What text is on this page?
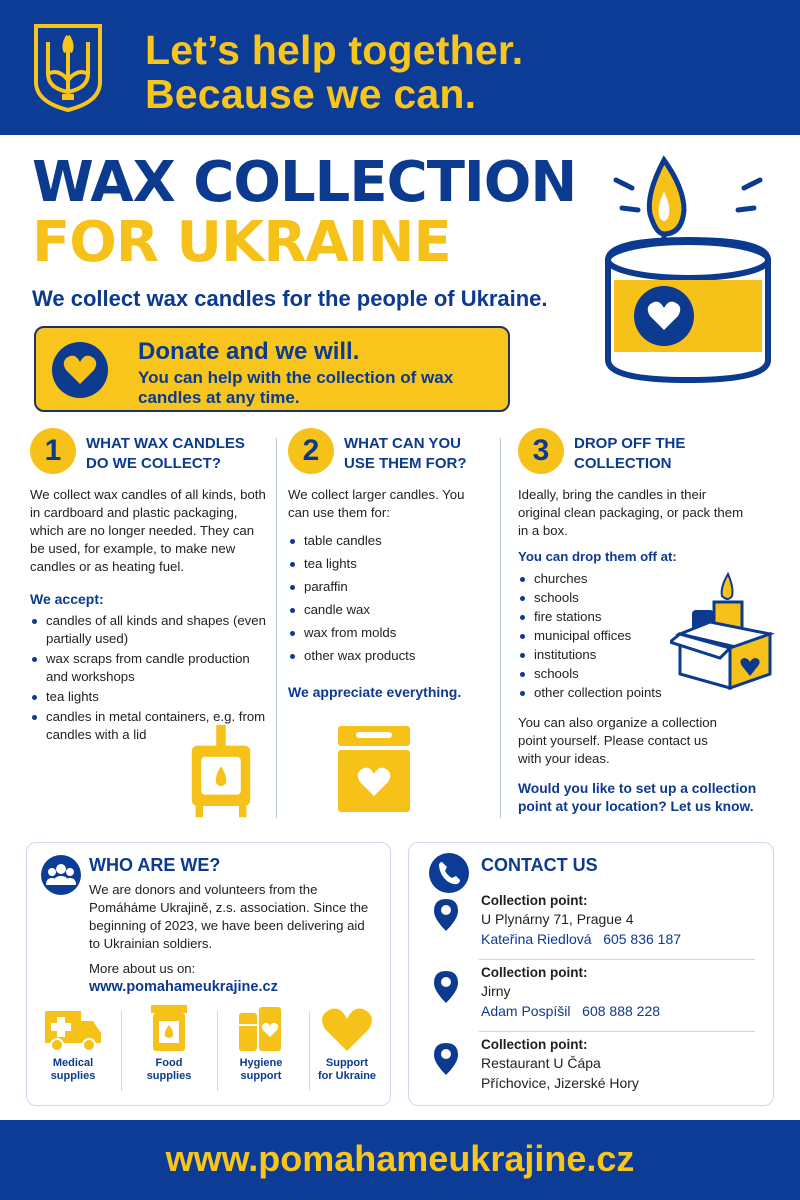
Let’s help together.
Because we can.
WAX COLLECTION
FOR UKRAINE
We collect wax candles for the people of Ukraine.
Donate and we will.
You can help with the collection of wax candles at any time.
1	WHAT WAX CANDLES
DO WE COLLECT?

We collect wax candles of all kinds, both in cardboard and plastic packaging, which are no longer needed. They can be used, for example, to make new candles or as heating fuel.

We accept:
candles of all kinds and shapes (even partially used)
wax scraps from candle production and workshops
tea lights
candles in metal containers, e.g. from candles with a lid
2	WHAT CAN YOU
USE THEM FOR?

We collect larger candles. You can use them for:

table candles
tea lights
paraffin
candle wax
wax from molds
other wax products
We appreciate everything.
3	DROP OFF THE
COLLECTION

Ideally, bring the candles in their original clean packaging, or pack them in a box.

You can drop them off at:
churches
schools
fire stations
municipal offices
institutions
schools
other collection points

You can also organize a collection point yourself. Please contact us with your ideas.

Would you like to set up a collection point at your location? Let us know.
WHO ARE WE?
We are donors and volunteers from the Pomáháme Ukrajině, z.s. association. Since the beginning of 2023, we have been delivering aid to Ukrainian soldiers.
More about us on:
www.pomahameukrajine.cz
Medical
supplies
Food
supplies
Hygiene
support
Support
for Ukraine
CONTACT US
Collection point:
U Plynárny 71, Prague 4
Kateřina Riedlová 605 836 187
Collection point:
Jirny
Adam Pospíšil 608 888 228
Collection point:
Restaurant U Čápa
Příchovice, Jizerské Hory
www.pomahameukrajine.cz
